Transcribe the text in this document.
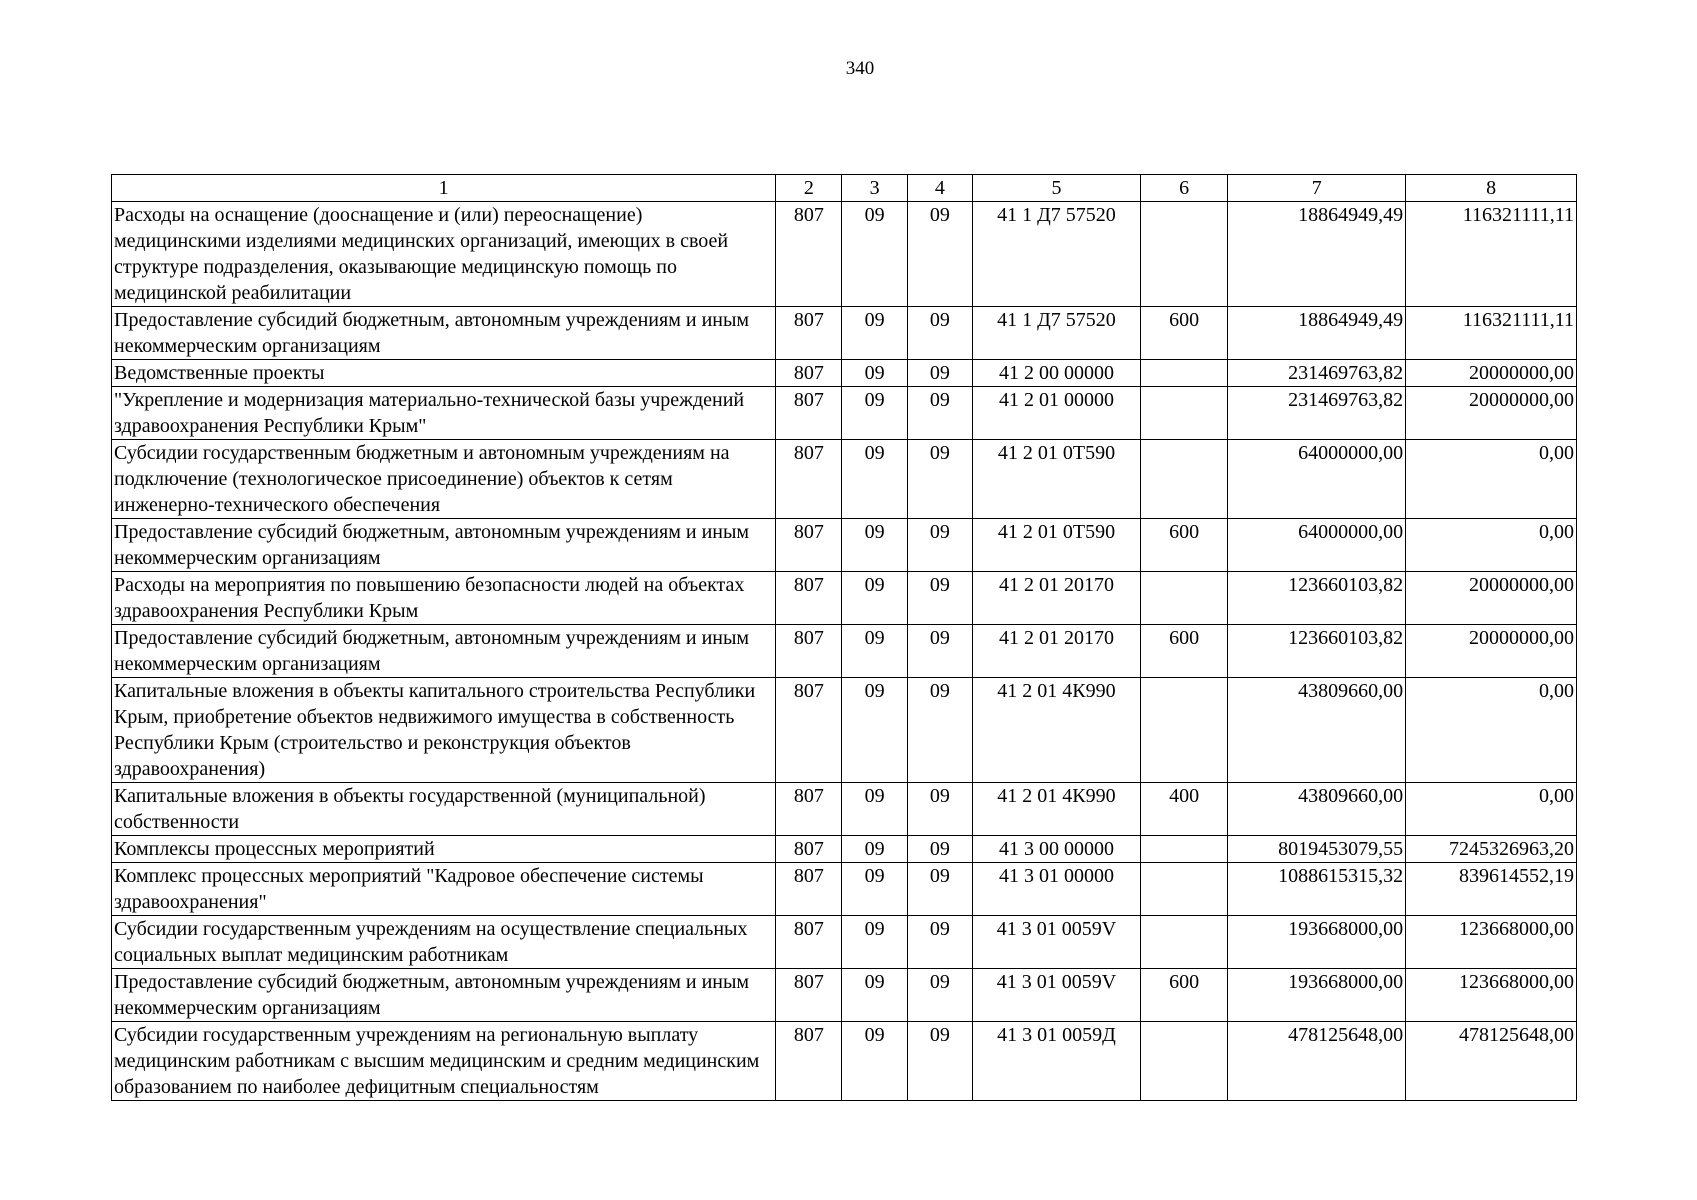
340
1	2	3	4	5	6	7	8
Расходы на оснащение (дооснащение и (или) переоснащение) медицинскими изделиями медицинских организаций, имеющих в своей структуре подразделения, оказывающие медицинскую помощь по медицинской реабилитации	807	09	09	41 1 Д7 57520		18864949,49	116321111,11
Предоставление субсидий бюджетным, автономным учреждениям и иным некоммерческим организациям	807	09	09	41 1 Д7 57520	600	18864949,49	116321111,11
Ведомственные проекты	807	09	09	41 2 00 00000		231469763,82	20000000,00
"Укрепление и модернизация материально-технической базы учреждений здравоохранения Республики Крым"	807	09	09	41 2 01 00000		231469763,82	20000000,00
Субсидии государственным бюджетным и автономным учреждениям на подключение (технологическое присоединение) объектов к сетям инженерно-технического обеспечения	807	09	09	41 2 01 0Т590		64000000,00	0,00
Предоставление субсидий бюджетным, автономным учреждениям и иным некоммерческим организациям	807	09	09	41 2 01 0Т590	600	64000000,00	0,00
Расходы на мероприятия по повышению безопасности людей на объектах здравоохранения Республики Крым	807	09	09	41 2 01 20170		123660103,82	20000000,00
Предоставление субсидий бюджетным, автономным учреждениям и иным некоммерческим организациям	807	09	09	41 2 01 20170	600	123660103,82	20000000,00
Капитальные вложения в объекты капитального строительства Республики Крым, приобретение объектов недвижимого имущества в собственность Республики Крым (строительство и реконструкция объектов здравоохранения)	807	09	09	41 2 01 4К990		43809660,00	0,00
Капитальные вложения в объекты государственной (муниципальной) собственности	807	09	09	41 2 01 4К990	400	43809660,00	0,00
Комплексы процессных мероприятий	807	09	09	41 3 00 00000		8019453079,55	7245326963,20
Комплекс процессных мероприятий "Кадровое обеспечение системы здравоохранения"	807	09	09	41 3 01 00000		1088615315,32	839614552,19
Субсидии государственным учреждениям на осуществление специальных социальных выплат медицинским работникам	807	09	09	41 3 01 0059V		193668000,00	123668000,00
Предоставление субсидий бюджетным, автономным учреждениям и иным некоммерческим организациям	807	09	09	41 3 01 0059V	600	193668000,00	123668000,00
Субсидии государственным учреждениям на региональную выплату медицинским работникам с высшим медицинским и средним медицинским образованием по наиболее дефицитным специальностям	807	09	09	41 3 01 0059Д		478125648,00	478125648,00
